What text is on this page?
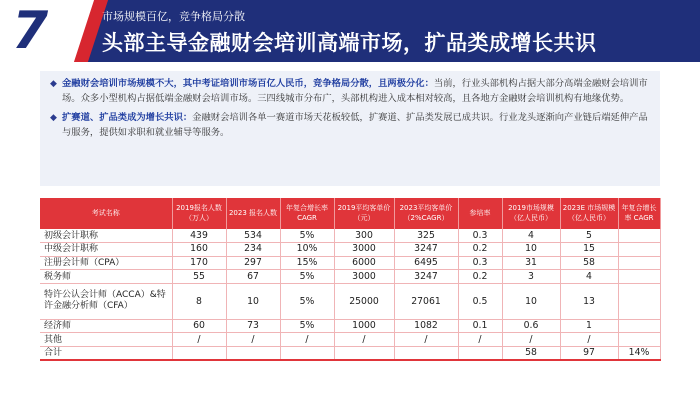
7	市场规模百亿，竞争格局分散
头部主导金融财会培训高端市场，扩品类成增长共识
◆ 金融财会培训市场规模不大，其中考证培训市场百亿人民币，竞争格局分散，且两极分化：当前，行业头部机构占据大部分高端金融财会培训市场。众多小型机构占据低端金融财会培训市场。三四线城市分布广，头部机构进入成本相对较高，且各地方金融财会培训机构有地缘优势。
◆ 扩赛道、扩品类成为增长共识：金融财会培训各单一赛道市场天花板较低，扩赛道、扩品类发展已成共识。行业龙头逐渐向产业链后端延伸产品与服务，提供如求职和就业辅导等服务。
考试名称	2019报名人数（万人）	2023 报名人数	年复合增长率 CAGR	2019平均客单价（元）	2023平均客单价（2%CAGR）	参培率	2019市场规模（亿人民币）	2023E 市场规模（亿人民币）	年复合增长率 CAGR
初级会计职称	439	534	5%	300	325	0.3	4	5	
中级会计职称	160	234	10%	3000	3247	0.2	10	15	
注册会计师（CPA）	170	297	15%	6000	6495	0.3	31	58	
税务师	55	67	5%	3000	3247	0.2	3	4	
特许公认会计师（ACCA）&特许金融分析师（CFA）	8	10	5%	25000	27061	0.5	10	13	
经济师	60	73	5%	1000	1082	0.1	0.6	1	
其他	/	/	/	/	/	/	/	/	
合计							58	97	14%
